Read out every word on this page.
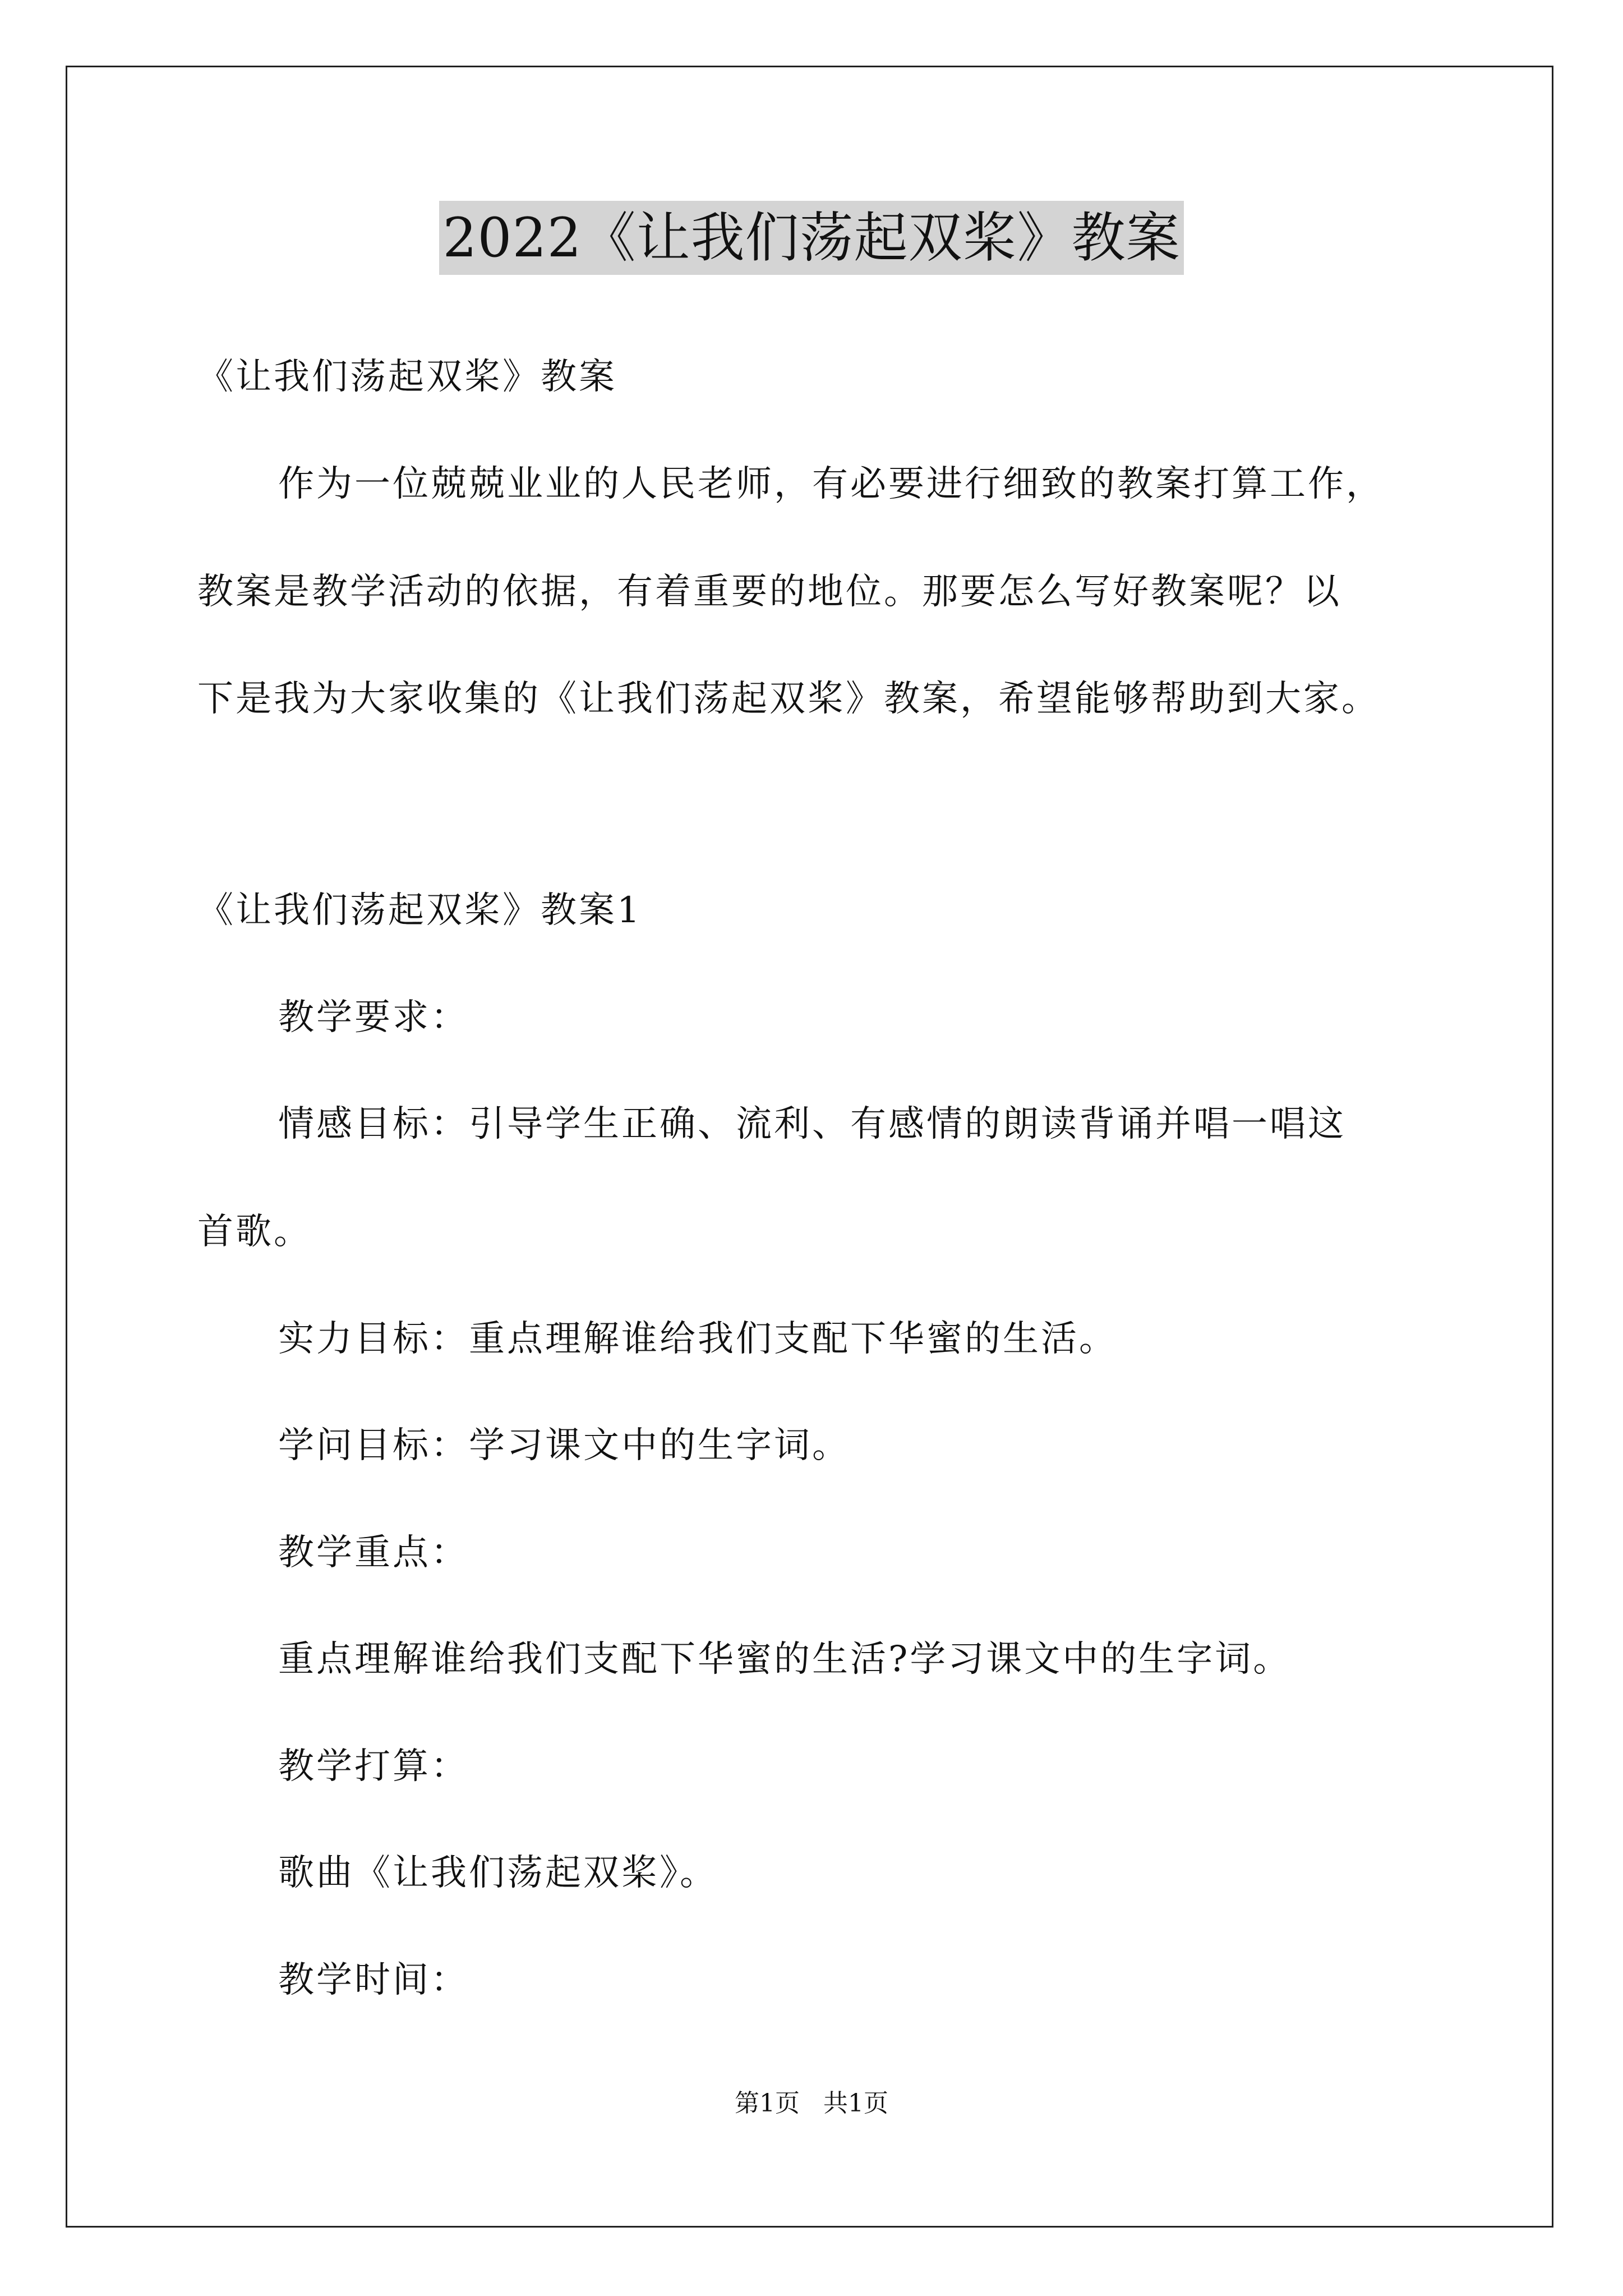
2022《让我们荡起双桨》教案
《让我们荡起双桨》教案
作为一位兢兢业业的人民老师，有必要进行细致的教案打算工作，
教案是教学活动的依据，有着重要的地位。那要怎么写好教案呢？以
下是我为大家收集的《让我们荡起双桨》教案，希望能够帮助到大家。
《让我们荡起双桨》教案1
教学要求：
情感目标：引导学生正确、流利、有感情的朗读背诵并唱一唱这
首歌。
实力目标：重点理解谁给我们支配下华蜜的生活。
学问目标：学习课文中的生字词。
教学重点：
重点理解谁给我们支配下华蜜的生活?学习课文中的生字词。
教学打算：
歌曲《让我们荡起双桨》。
教学时间：
第1页   共1页
